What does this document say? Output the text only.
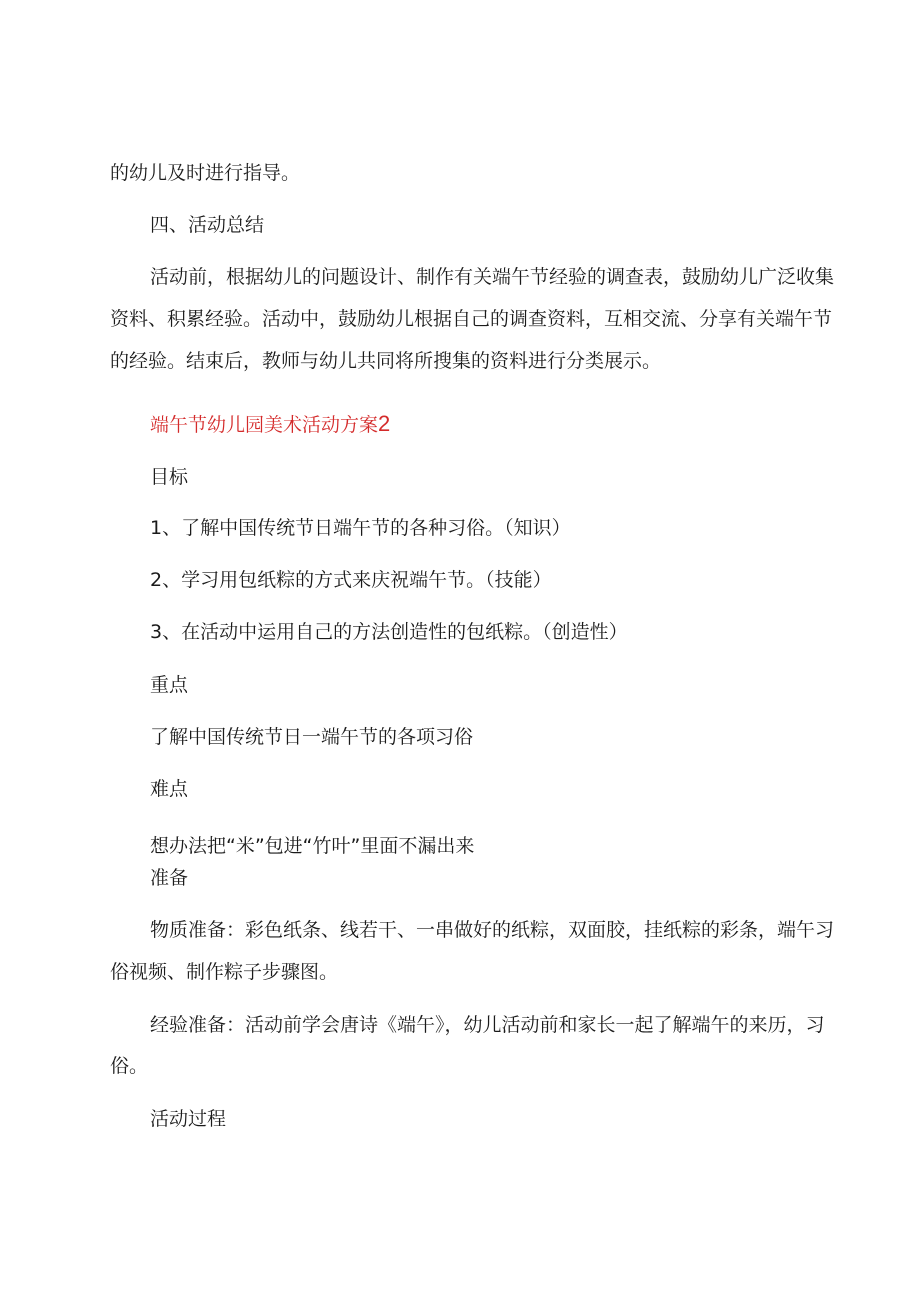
的幼儿及时进行指导。
四、活动总结
活动前，根据幼儿的问题设计、制作有关端午节经验的调查表，鼓励幼儿广泛收集
资料、积累经验。活动中，鼓励幼儿根据自己的调查资料，互相交流、分享有关端午节
的经验。结束后，教师与幼儿共同将所搜集的资料进行分类展示。
端午节幼儿园美术活动方案2
目标
1、了解中国传统节日端午节的各种习俗。（知识）
2、学习用包纸粽的方式来庆祝端午节。（技能）
3、在活动中运用自己的方法创造性的包纸粽。（创造性）
重点
了解中国传统节日一端午节的各项习俗
难点
想办法把“米”包进“竹叶”里面不漏出来
准备
物质准备：彩色纸条、线若干、一串做好的纸粽，双面胶，挂纸粽的彩条，端午习
俗视频、制作粽子步骤图。
经验准备：活动前学会唐诗《端午》，幼儿活动前和家长一起了解端午的来历，习
俗。
活动过程
